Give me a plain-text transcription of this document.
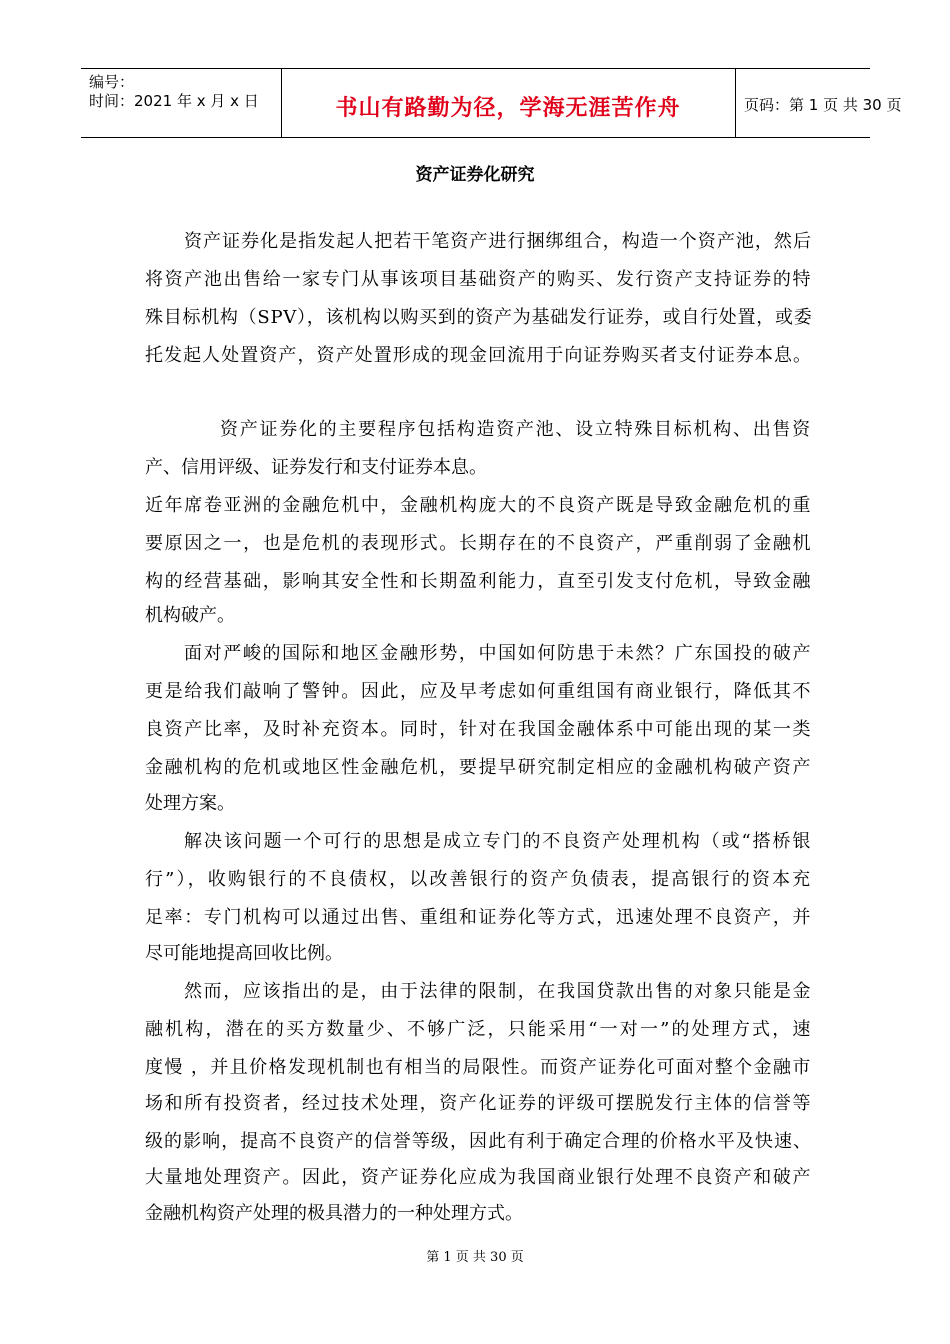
编号：
时间：2021 年 x 月 x 日	书山有路勤为径，学海无涯苦作舟	页码：第 1 页 共 30 页
资产证券化研究
资产证券化是指发起人把若干笔资产进行捆绑组合，构造一个资产池，然后
将资产池出售给一家专门从事该项目基础资产的购买、发行资产支持证券的特
殊目标机构（SPV），该机构以购买到的资产为基础发行证券，或自行处置，或委
托发起人处置资产，资产处置形成的现金回流用于向证券购买者支付证券本息。
资产证券化的主要程序包括构造资产池、设立特殊目标机构、出售资
产、信用评级、证券发行和支付证券本息。
近年席卷亚洲的金融危机中，金融机构庞大的不良资产既是导致金融危机的重
要原因之一，也是危机的表现形式。长期存在的不良资产，严重削弱了金融机
构的经营基础，影响其安全性和长期盈利能力，直至引发支付危机，导致金融
机构破产。
面对严峻的国际和地区金融形势，中国如何防患于未然？广东国投的破产
更是给我们敲响了警钟。因此，应及早考虑如何重组国有商业银行，降低其不
良资产比率，及时补充资本。同时，针对在我国金融体系中可能出现的某一类
金融机构的危机或地区性金融危机，要提早研究制定相应的金融机构破产资产
处理方案。
解决该问题一个可行的思想是成立专门的不良资产处理机构（或“搭桥银
行”），收购银行的不良债权，以改善银行的资产负债表，提高银行的资本充
足率：专门机构可以通过出售、重组和证券化等方式，迅速处理不良资产，并
尽可能地提高回收比例。
然而，应该指出的是，由于法律的限制，在我国贷款出售的对象只能是金
融机构，潜在的买方数量少、不够广泛，只能采用“一对一”的处理方式，速
度慢 ，并且价格发现机制也有相当的局限性。而资产证券化可面对整个金融市
场和所有投资者，经过技术处理，资产化证券的评级可摆脱发行主体的信誉等
级的影响，提高不良资产的信誉等级，因此有利于确定合理的价格水平及快速、
大量地处理资产。因此，资产证券化应成为我国商业银行处理不良资产和破产
金融机构资产处理的极具潜力的一种处理方式。
第 1 页 共 30 页
